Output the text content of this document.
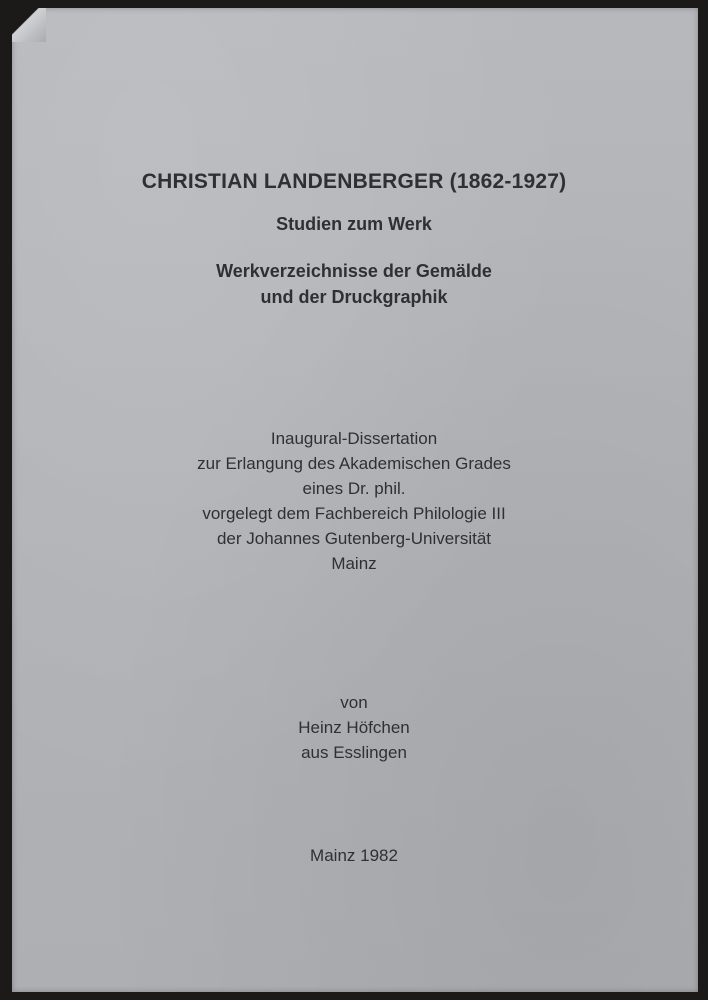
CHRISTIAN LANDENBERGER (1862-1927)
Studien zum Werk
Werkverzeichnisse der Gemälde
und der Druckgraphik
Inaugural-Dissertation
zur Erlangung des Akademischen Grades
eines Dr. phil.
vorgelegt dem Fachbereich Philologie III
der Johannes Gutenberg-Universität
Mainz
von
Heinz Höfchen
aus Esslingen
Mainz 1982
